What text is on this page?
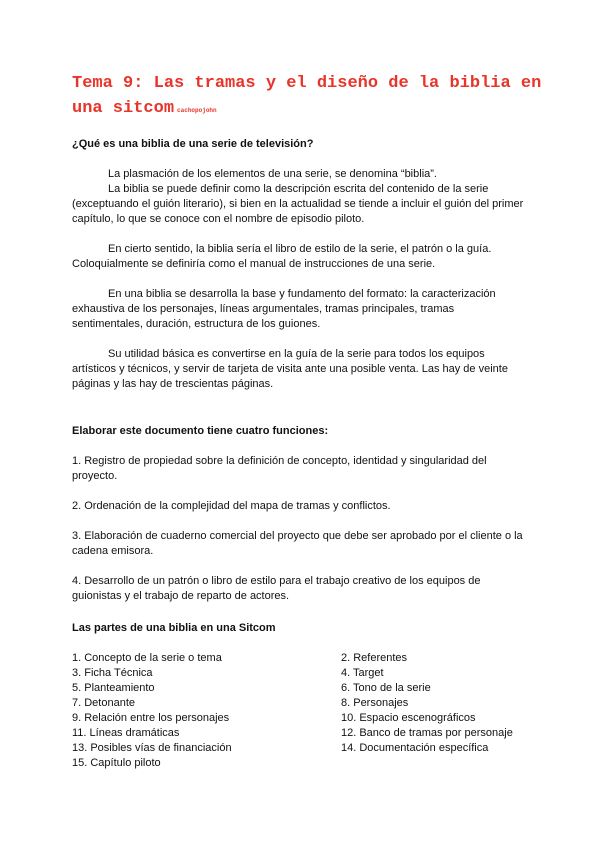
Tema 9: Las tramas y el diseño de la biblia en una sitcom cachopojohn

¿Qué es una biblia de una serie de televisión?

La plasmación de los elementos de una serie, se denomina “biblia”.

La biblia se puede definir como la descripción escrita del contenido de la serie (exceptuando el guión literario), si bien en la actualidad se tiende a incluir el guión del primer capítulo, lo que se conoce con el nombre de episodio piloto.

En cierto sentido, la biblia sería el libro de estilo de la serie, el patrón o la guía. Coloquialmente se definiría como el manual de instrucciones de una serie.

En una biblia se desarrolla la base y fundamento del formato: la caracterización exhaustiva de los personajes, líneas argumentales, tramas principales, tramas sentimentales, duración, estructura de los guiones.

Su utilidad básica es convertirse en la guía de la serie para todos los equipos artísticos y técnicos, y servir de tarjeta de visita ante una posible venta. Las hay de veinte páginas y las hay de trescientas páginas.

Elaborar este documento tiene cuatro funciones:

1. Registro de propiedad sobre la definición de concepto, identidad y singularidad del proyecto.

2. Ordenación de la complejidad del mapa de tramas y conflictos.

3. Elaboración de cuaderno comercial del proyecto que debe ser aprobado por el cliente o la cadena emisora.

4. Desarrollo de un patrón o libro de estilo para el trabajo creativo de los equipos de guionistas y el trabajo de reparto de actores.

Las partes de una biblia en una Sitcom

1. Concepto de la serie o tema
3. Ficha Técnica
5. Planteamiento
7. Detonante
9. Relación entre los personajes
11. Líneas dramáticas
13. Posibles vías de financiación
15. Capítulo piloto
2. Referentes
4. Target
6. Tono de la serie
8. Personajes
10. Espacio escenográficos
12. Banco de tramas por personaje
14. Documentación específica
